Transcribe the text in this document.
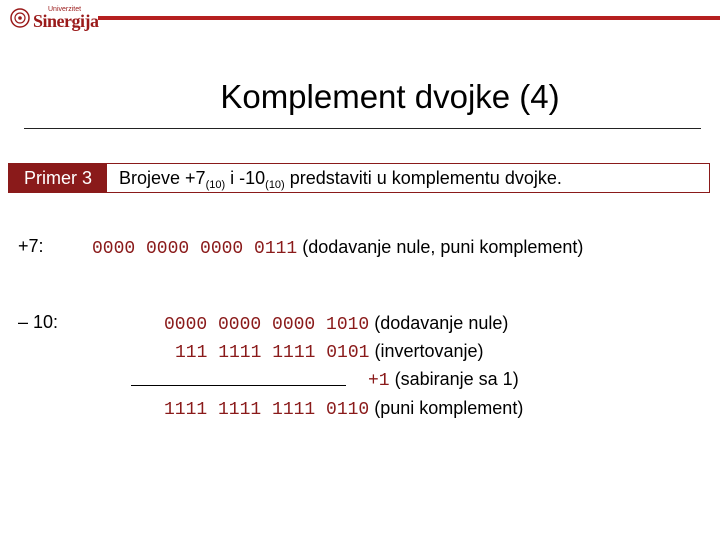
Univerzitet
Sinergija
Komplement dvojke (4)
Primer 3	Brojeve $+7_{(10)}$ i $-10_{(10)}$ predstaviti u komplementu dvojke.
+7:	0000 0000 0000 0111 (dodavanje nule, puni komplement)
– 10:	0000 0000 0000 1010 (dodavanje nule)
111 1111 1111 0101 (invertovanje)
+1 (sabiranje sa 1)
1111 1111 1111 0110 (puni komplement)
